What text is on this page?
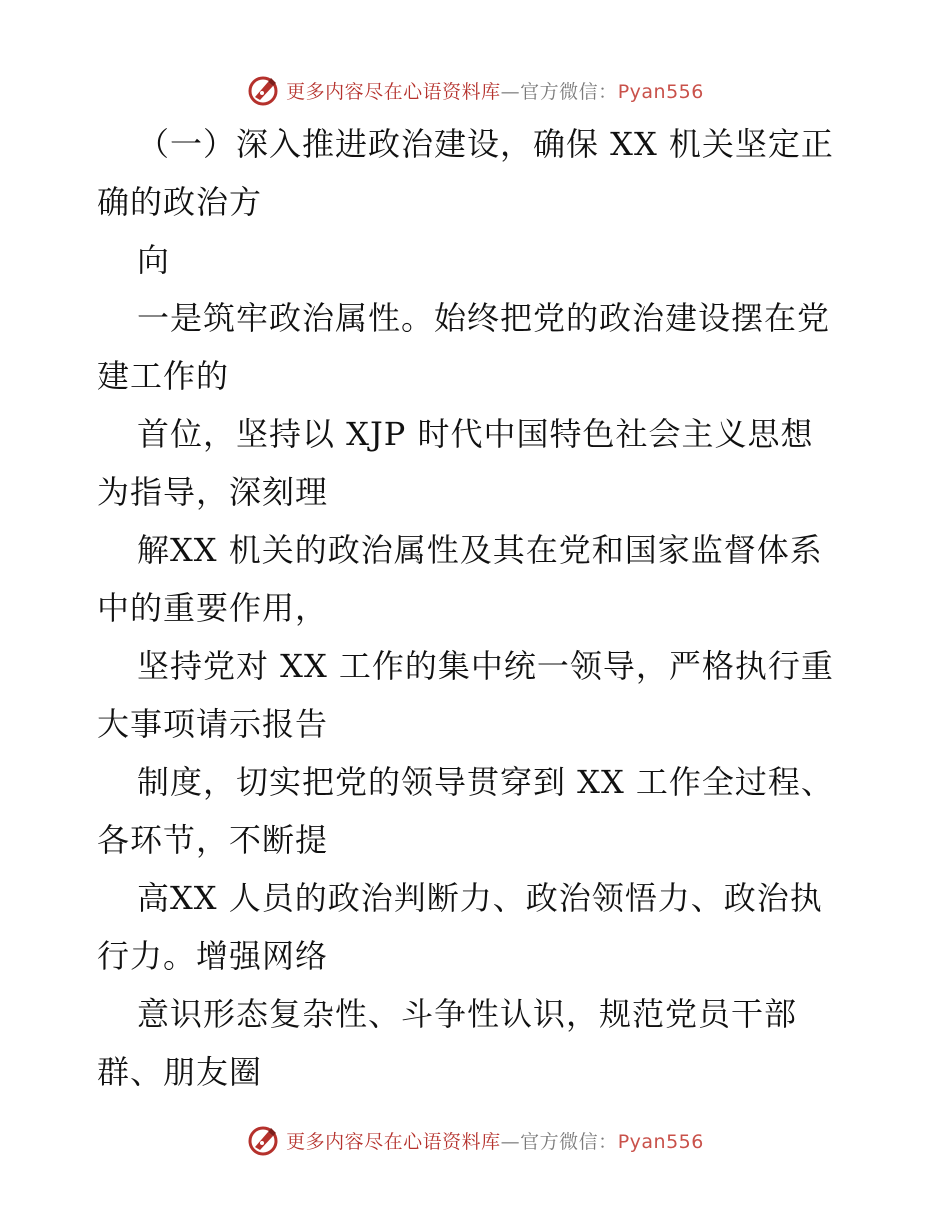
更多内容尽在心语资料库—官方微信：Pyan556
（一）深入推进政治建设，确保 XX 机关坚定正
确的政治方
向
一是筑牢政治属性。始终把党的政治建设摆在党
建工作的
首位，坚持以 XJP 时代中国特色社会主义思想
为指导，深刻理
解XX 机关的政治属性及其在党和国家监督体系
中的重要作用，
坚持党对 XX 工作的集中统一领导，严格执行重
大事项请示报告
制度，切实把党的领导贯穿到 XX 工作全过程、
各环节，不断提
高XX 人员的政治判断力、政治领悟力、政治执
行力。增强网络
意识形态复杂性、斗争性认识，规范党员干部
群、朋友圈
更多内容尽在心语资料库—官方微信：Pyan556
